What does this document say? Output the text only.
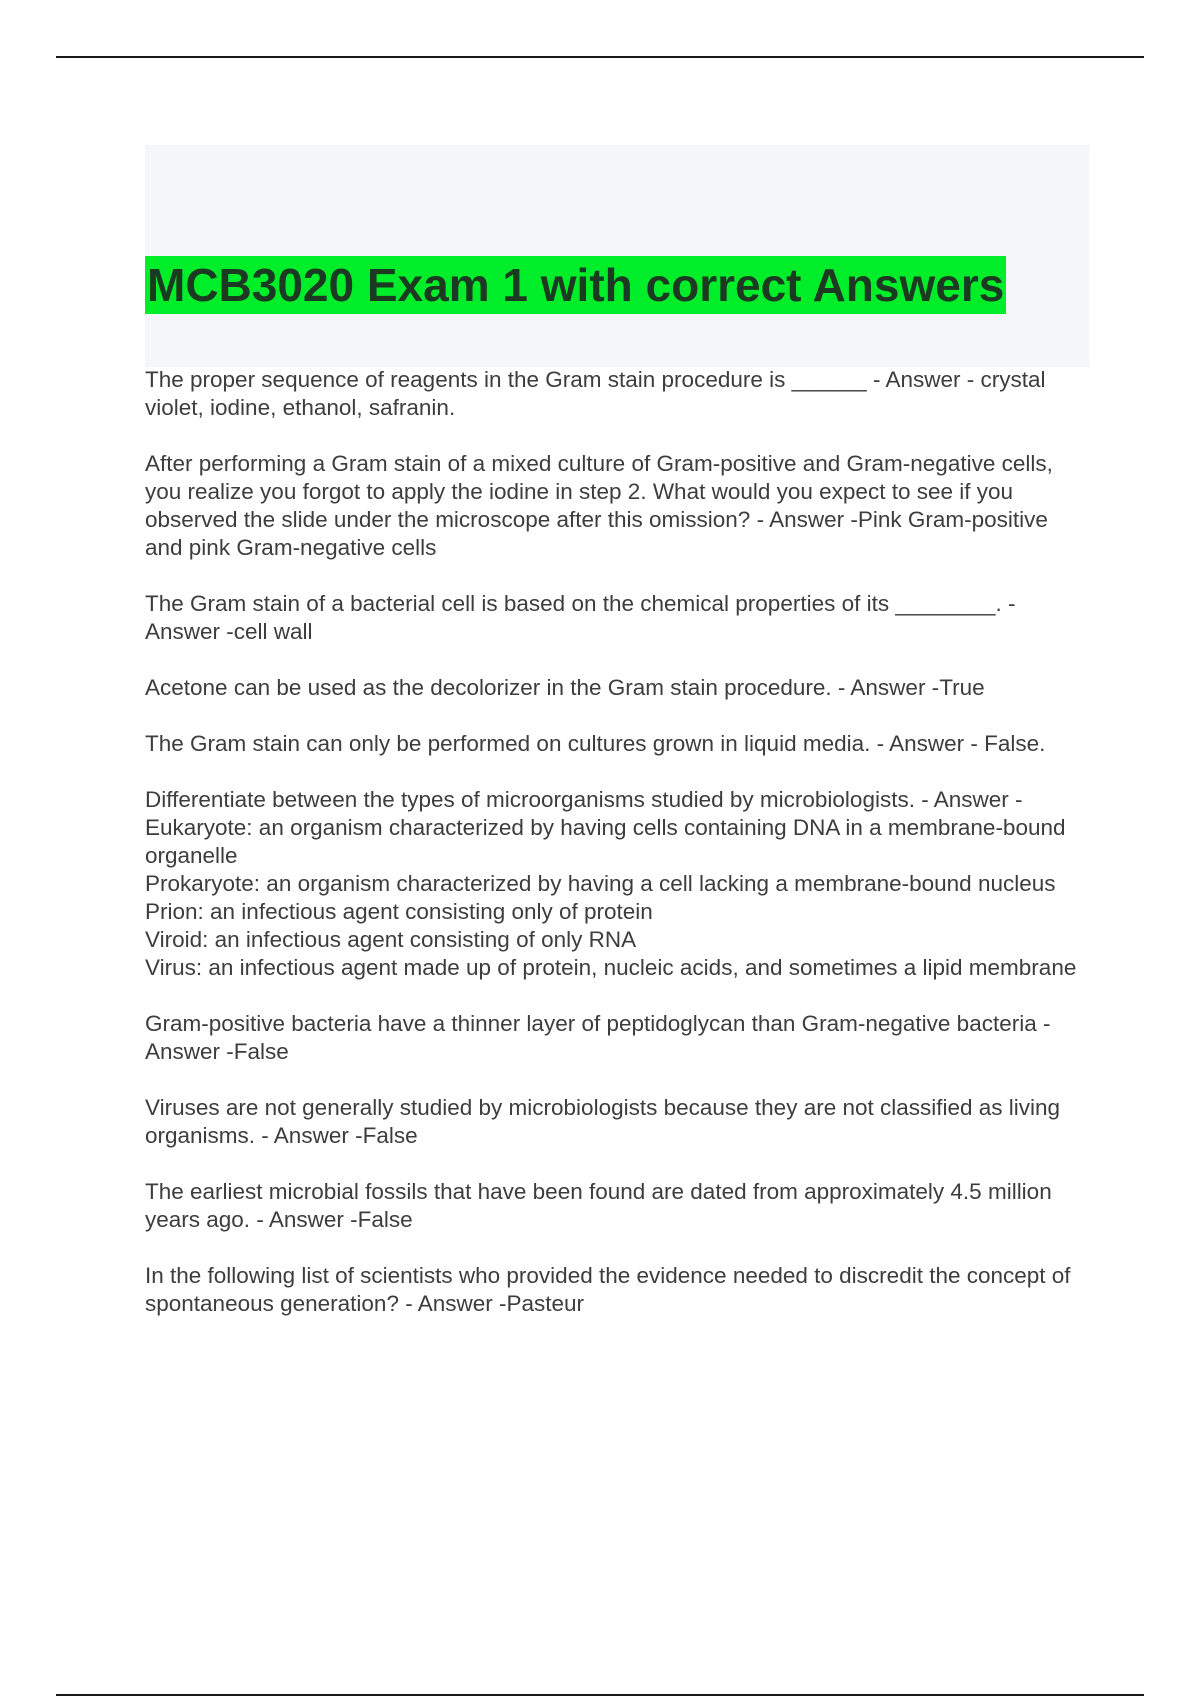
MCB3020 Exam 1 with correct Answers
The proper sequence of reagents in the Gram stain procedure is ______ - Answer - crystal violet, iodine, ethanol, safranin.
After performing a Gram stain of a mixed culture of Gram-positive and Gram-negative cells, you realize you forgot to apply the iodine in step 2. What would you expect to see if you observed the slide under the microscope after this omission? - Answer -Pink Gram-positive and pink Gram-negative cells
The Gram stain of a bacterial cell is based on the chemical properties of its ________. - Answer -cell wall
Acetone can be used as the decolorizer in the Gram stain procedure. - Answer -True
The Gram stain can only be performed on cultures grown in liquid media. - Answer - False.
Differentiate between the types of microorganisms studied by microbiologists. - Answer -Eukaryote: an organism characterized by having cells containing DNA in a membrane-bound organelle
Prokaryote: an organism characterized by having a cell lacking a membrane-bound nucleus
Prion: an infectious agent consisting only of protein
Viroid: an infectious agent consisting of only RNA
Virus: an infectious agent made up of protein, nucleic acids, and sometimes a lipid membrane
Gram-positive bacteria have a thinner layer of peptidoglycan than Gram-negative bacteria - Answer -False
Viruses are not generally studied by microbiologists because they are not classified as living organisms. - Answer -False
The earliest microbial fossils that have been found are dated from approximately 4.5 million years ago. - Answer -False
In the following list of scientists who provided the evidence needed to discredit the concept of spontaneous generation? - Answer -Pasteur
